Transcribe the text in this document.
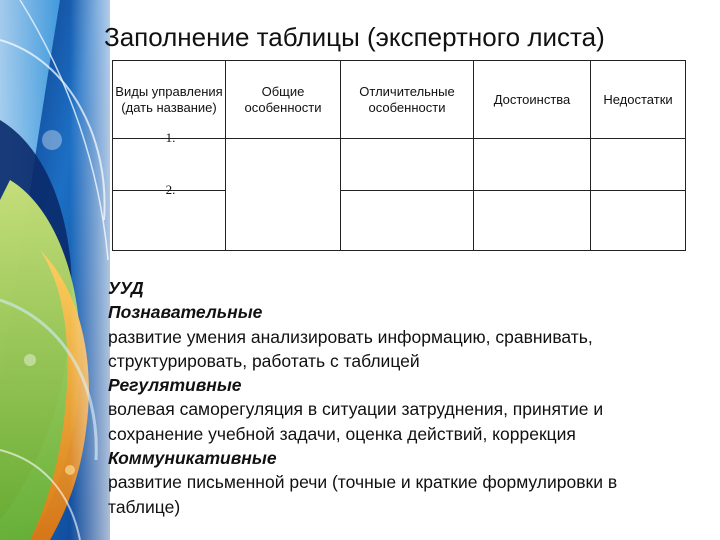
Заполнение таблицы (экспертного листа)
Виды управления (дать название)	Общие особенности	Отличительные особенности	Достоинства	Недостатки

1.				

2.				

УУД
Познавательные
развитие умения анализировать информацию, сравнивать,
структурировать, работать с таблицей
Регулятивные
волевая саморегуляция в ситуации затруднения, принятие и
сохранение учебной задачи, оценка действий, коррекция
Коммуникативные
развитие письменной речи (точные и краткие формулировки в
таблице)
